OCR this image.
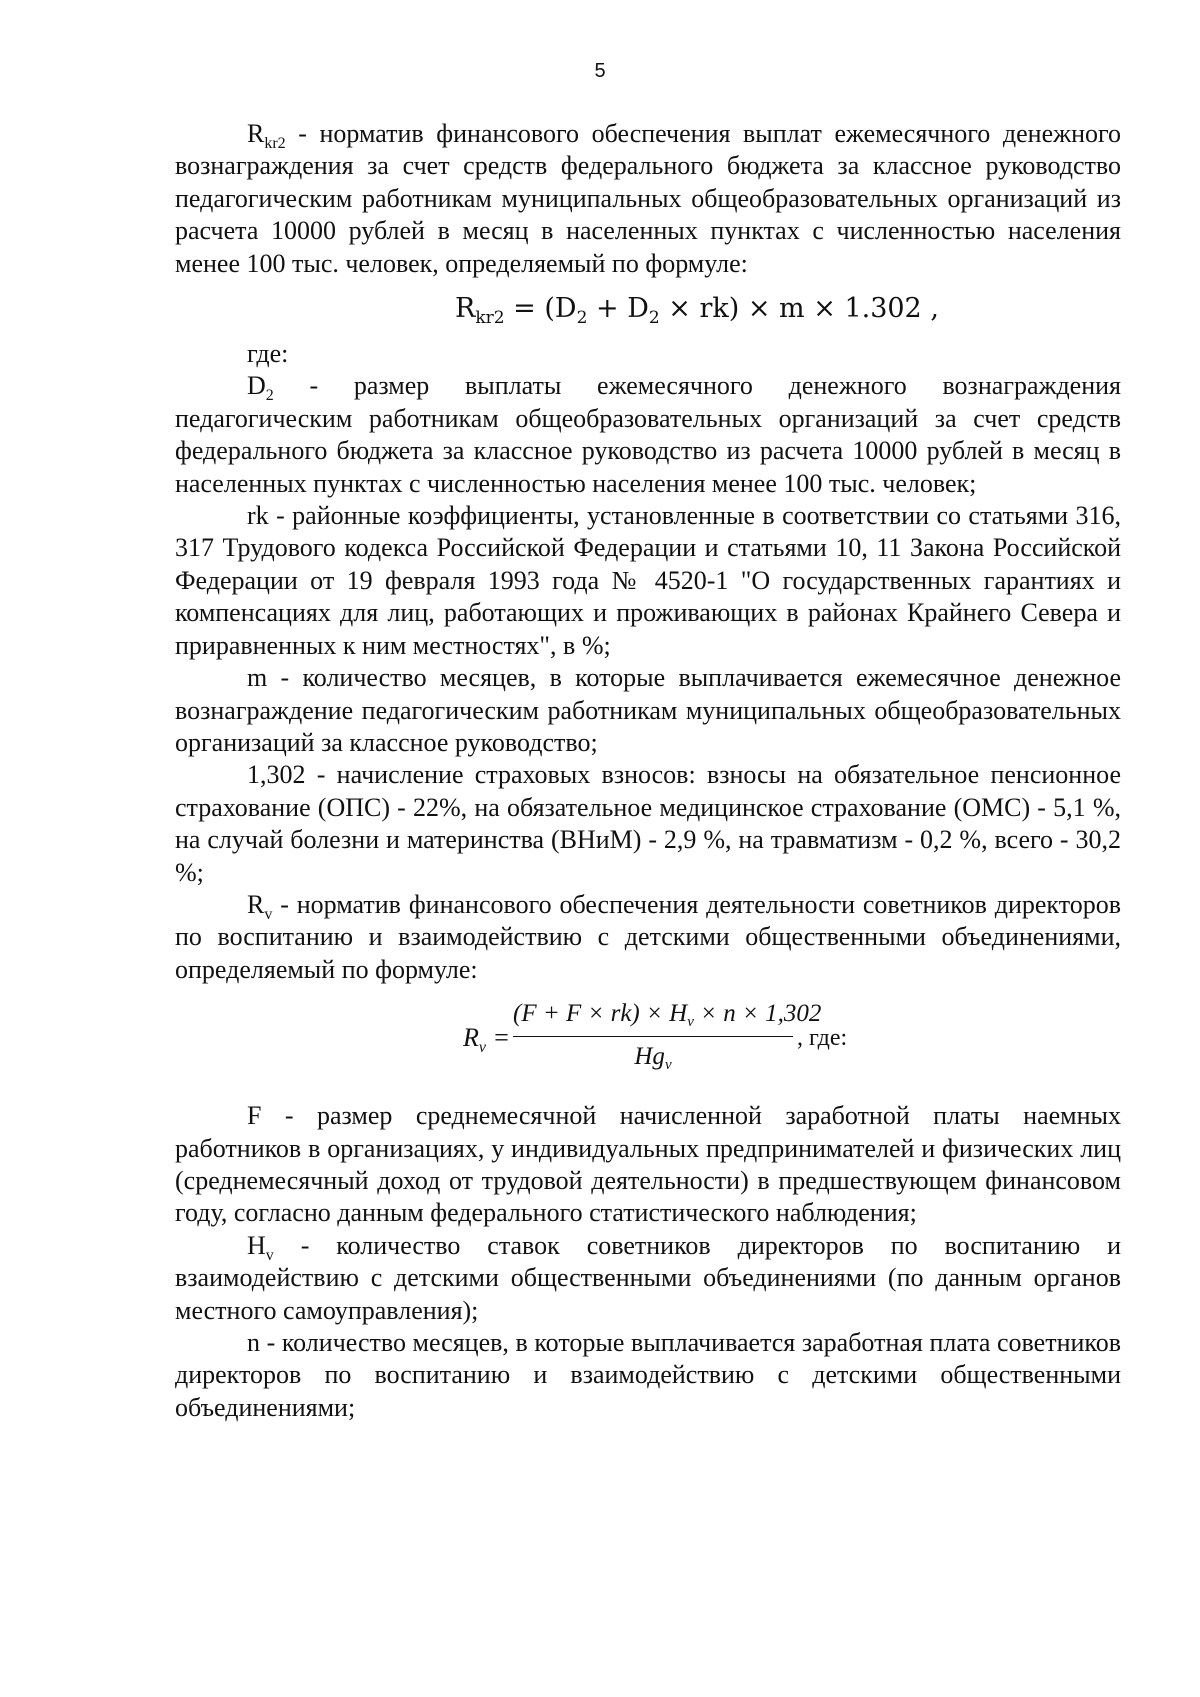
5

$R_{kr2}$ - норматив финансового обеспечения выплат ежемесячного денежного вознаграждения за счет средств федерального бюджета за классное руководство педагогическим работникам муниципальных общеобразовательных организаций из расчета 10000 рублей в месяц в населенных пунктах с численностью населения менее 100 тыс. человек, определяемый по формуле:

$R_{kr2} = (D_2 + D_2 \times rk) \times m \times 1.302$ ,

где:

$D_2$ - размер выплаты ежемесячного денежного вознаграждения педагогическим работникам общеобразовательных организаций за счет средств федерального бюджета за классное руководство из расчета 10000 рублей в месяц в населенных пунктах с численностью населения менее 100 тыс. человек;

rk - районные коэффициенты, установленные в соответствии со статьями 316, 317 Трудового кодекса Российской Федерации и статьями 10, 11 Закона Российской Федерации от 19 февраля 1993 года № 4520-1 "О государственных гарантиях и компенсациях для лиц, работающих и проживающих в районах Крайнего Севера и приравненных к ним местностях", в %;

m - количество месяцев, в которые выплачивается ежемесячное денежное вознаграждение педагогическим работникам муниципальных общеобразовательных организаций за классное руководство;

1,302 - начисление страховых взносов: взносы на обязательное пенсионное страхование (ОПС) - 22%, на обязательное медицинское страхование (ОМС) - 5,1 %, на случай болезни и материнства (ВНиМ) - 2,9 %, на травматизм - 0,2 %, всего - 30,2 %;

$R_v$ - норматив финансового обеспечения деятельности советников директоров по воспитанию и взаимодействию с детскими общественными объединениями, определяемый по формуле:

$R_v$ =
$(F + F \times rk) \times H_v \times n \times 1,302$
$Hg_v$
, где:

F - размер среднемесячной начисленной заработной платы наемных работников в организациях, у индивидуальных предпринимателей и физических лиц (среднемесячный доход от трудовой деятельности) в предшествующем финансовом году, согласно данным федерального статистического наблюдения;

$H_v$ - количество ставок советников директоров по воспитанию и взаимодействию с детскими общественными объединениями (по данным органов местного самоуправления);

n - количество месяцев, в которые выплачивается заработная плата советников директоров по воспитанию и взаимодействию с детскими общественными объединениями;
